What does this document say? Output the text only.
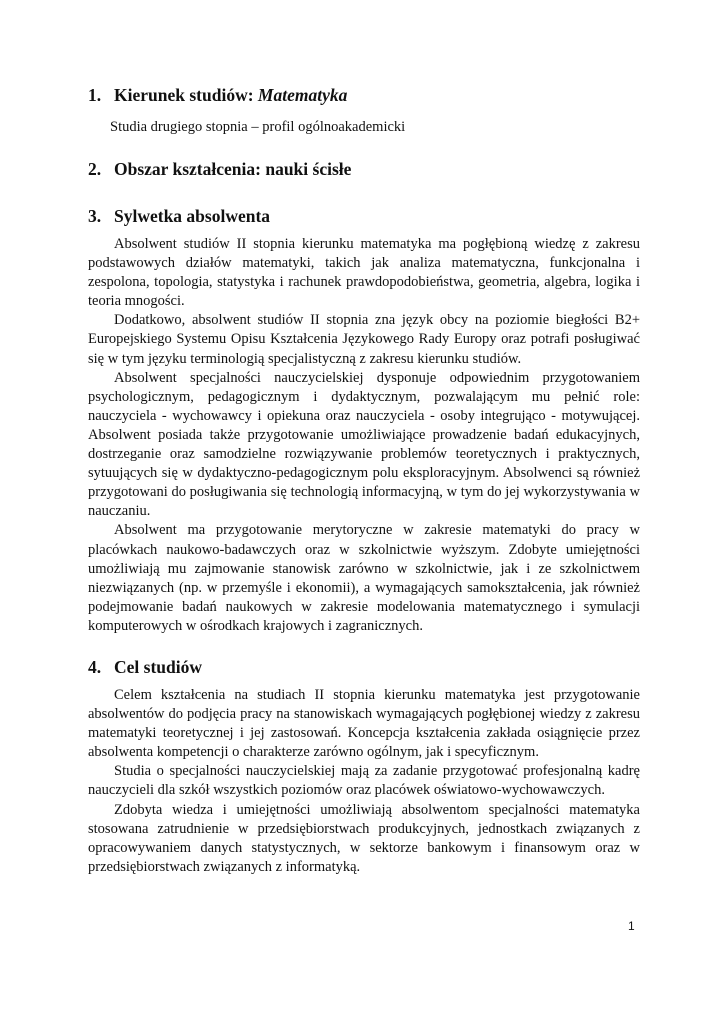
1. Kierunek studiów: Matematyka
Studia drugiego stopnia – profil ogólnoakademicki
2. Obszar kształcenia: nauki ścisłe
3. Sylwetka absolwenta

Absolwent studiów II stopnia kierunku matematyka ma pogłębioną wiedzę z zakresu podstawowych działów matematyki, takich jak analiza matematyczna, funkcjonalna i zespolona, topologia, statystyka i rachunek prawdopodobieństwa, geometria, algebra, logika i teoria mnogości.

Dodatkowo, absolwent studiów II stopnia zna język obcy na poziomie biegłości B2+ Europejskiego Systemu Opisu Kształcenia Językowego Rady Europy oraz potrafi posługiwać się w tym języku terminologią specjalistyczną z zakresu kierunku studiów.

Absolwent specjalności nauczycielskiej dysponuje odpowiednim przygotowaniem psychologicznym, pedagogicznym i dydaktycznym, pozwalającym mu pełnić role: nauczyciela - wychowawcy i opiekuna oraz nauczyciela - osoby integrująco - motywującej. Absolwent posiada także przygotowanie umożliwiające prowadzenie badań edukacyjnych, dostrzeganie oraz samodzielne rozwiązywanie problemów teoretycznych i praktycznych, sytuujących się w dydaktyczno-pedagogicznym polu eksploracyjnym. Absolwenci są również przygotowani do posługiwania się technologią informacyjną, w tym do jej wykorzystywania w nauczaniu.

Absolwent ma przygotowanie merytoryczne w zakresie matematyki do pracy w placówkach naukowo-badawczych oraz w szkolnictwie wyższym. Zdobyte umiejętności umożliwiają mu zajmowanie stanowisk zarówno w szkolnictwie, jak i ze szkolnictwem niezwiązanych (np. w przemyśle i ekonomii), a wymagających samokształcenia, jak również podejmowanie badań naukowych w zakresie modelowania matematycznego i symulacji komputerowych w ośrodkach krajowych i zagranicznych.

4. Cel studiów

Celem kształcenia na studiach II stopnia kierunku matematyka jest przygotowanie absolwentów do podjęcia pracy na stanowiskach wymagających pogłębionej wiedzy z zakresu matematyki teoretycznej i jej zastosowań. Koncepcja kształcenia zakłada osiągnięcie przez absolwenta kompetencji o charakterze zarówno ogólnym, jak i specyficznym.

Studia o specjalności nauczycielskiej mają za zadanie przygotować profesjonalną kadrę nauczycieli dla szkół wszystkich poziomów oraz placówek oświatowo-wychowawczych.

Zdobyta wiedza i umiejętności umożliwiają absolwentom specjalności matematyka stosowana zatrudnienie w przedsiębiorstwach produkcyjnych, jednostkach związanych z opracowywaniem danych statystycznych, w sektorze bankowym i finansowym oraz w przedsiębiorstwach związanych z informatyką.

1
